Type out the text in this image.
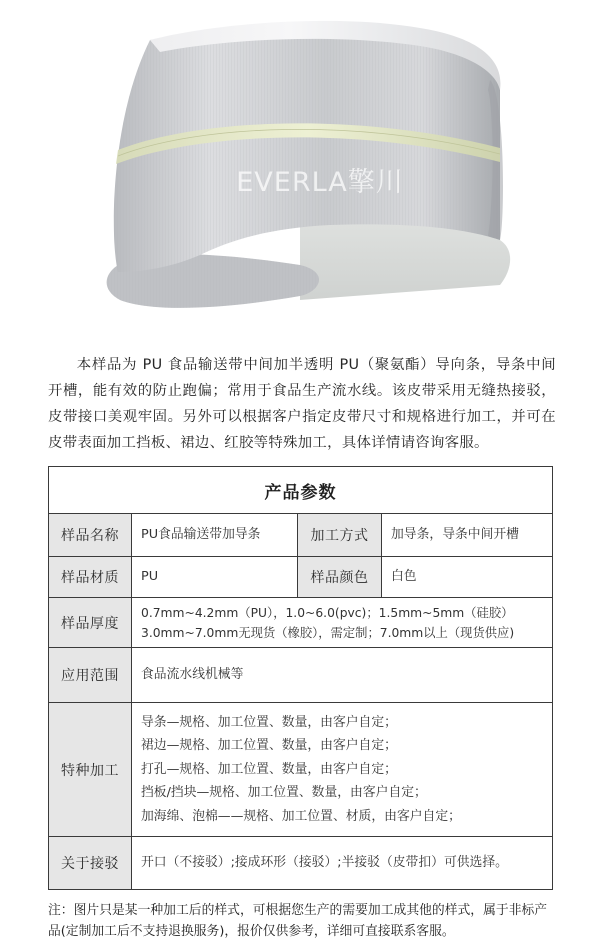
EVERLA擎川

本样品为 PU 食品输送带中间加半透明 PU（聚氨酯）导向条，导条中间开槽，能有效的防止跑偏；常用于食品生产流水线。该皮带采用无缝热接驳，皮带接口美观牢固。另外可以根据客户指定皮带尺寸和规格进行加工，并可在皮带表面加工挡板、裙边、红胶等特殊加工，具体详情请咨询客服。

产品参数			
样品名称	PU食品输送带加导条	加工方式	加导条，导条中间开槽
样品材质	PU	样品颜色	白色
样品厚度	0.7mm~4.2mm（PU），1.0~6.0(pvc)；1.5mm~5mm（硅胶）
3.0mm~7.0mm无现货（橡胶），需定制；7.0mm以上（现货供应)		

应用范围	食品流水线机械等		
特种加工	导条—规格、加工位置、数量，由客户自定；
裙边—规格、加工位置、数量，由客户自定；
打孔—规格、加工位置、数量，由客户自定；
挡板/挡块—规格、加工位置、数量，由客户自定；
加海绵、泡棉——规格、加工位置、材质，由客户自定；		

关于接驳	开口（不接驳）;接成环形（接驳）;半接驳（皮带扣）可供选择。		

注：图片只是某一种加工后的样式，可根据您生产的需要加工成其他的样式，属于非标产品(定制加工后不支持退换服务)，报价仅供参考，详细可直接联系客服。
